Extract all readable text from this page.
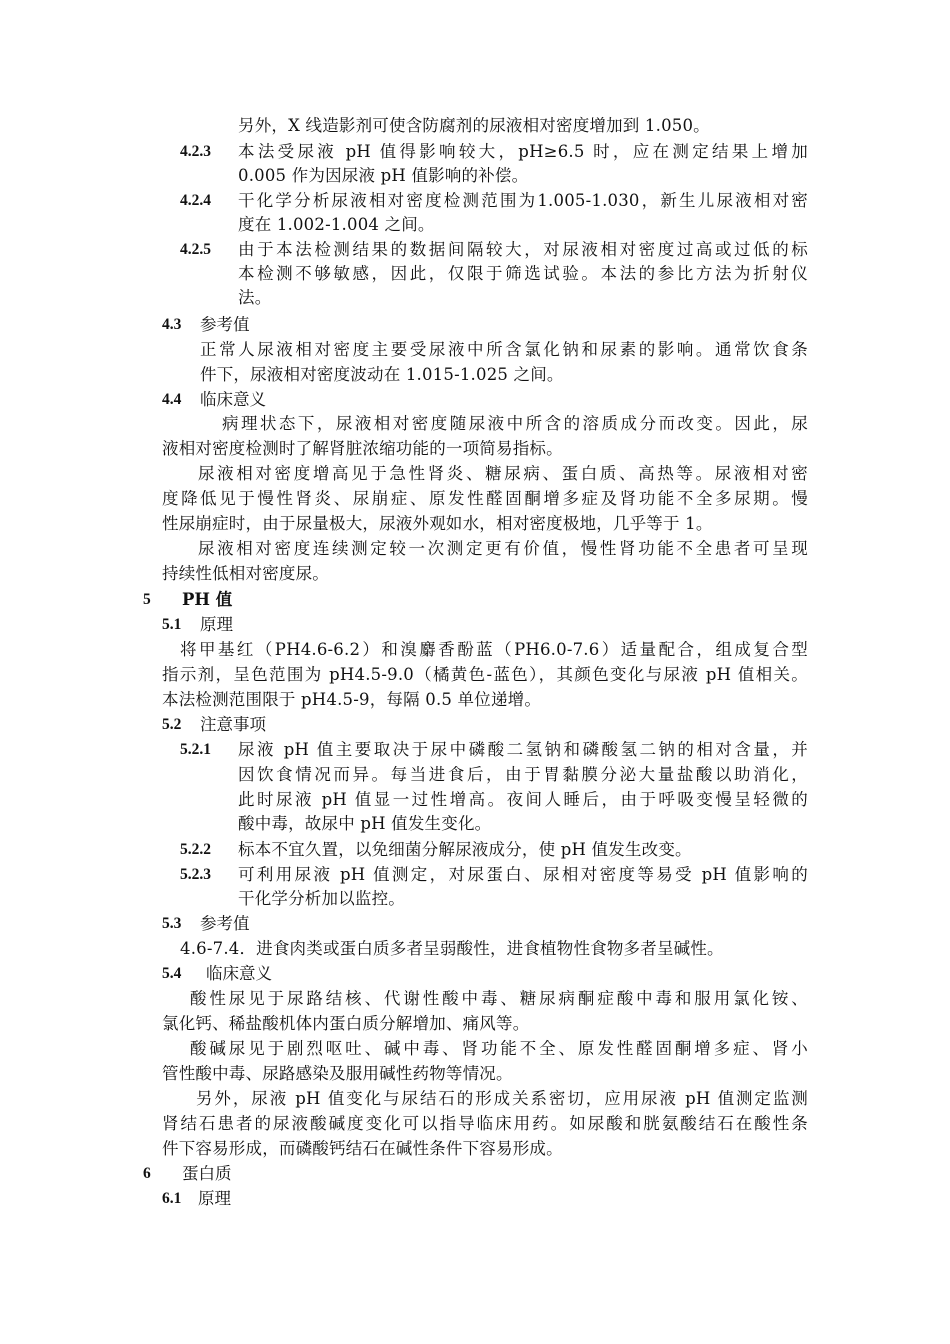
另外，X 线造影剂可使含防腐剂的尿液相对密度增加到 1.050。
4.2.3 本法受尿液 pH 值得影响较大，pH≥6.5 时，应在测定结果上增加
0.005 作为因尿液 pH 值影响的补偿。
4.2.4 干化学分析尿液相对密度检测范围为1.005-1.030，新生儿尿液相对密
度在 1.002-1.004 之间。
4.2.5 由于本法检测结果的数据间隔较大，对尿液相对密度过高或过低的标
本检测不够敏感，因此，仅限于筛选试验。本法的参比方法为折射仪
法。
4.3 参考值
正常人尿液相对密度主要受尿液中所含氯化钠和尿素的影响。通常饮食条
件下，尿液相对密度波动在 1.015-1.025 之间。
4.4 临床意义
病理状态下，尿液相对密度随尿液中所含的溶质成分而改变。因此，尿
液相对密度检测时了解肾脏浓缩功能的一项简易指标。
尿液相对密度增高见于急性肾炎、糖尿病、蛋白质、高热等。尿液相对密
度降低见于慢性肾炎、尿崩症、原发性醛固酮增多症及肾功能不全多尿期。慢
性尿崩症时，由于尿量极大，尿液外观如水，相对密度极地，几乎等于 1。
尿液相对密度连续测定较一次测定更有价值，慢性肾功能不全患者可呈现
持续性低相对密度尿。
5 PH 值
5.1 原理
将甲基红（PH4.6-6.2）和溴麝香酚蓝（PH6.0-7.6）适量配合，组成复合型
指示剂，呈色范围为 pH4.5-9.0（橘黄色-蓝色），其颜色变化与尿液 pH 值相关。
本法检测范围限于 pH4.5-9，每隔 0.5 单位递增。
5.2 注意事项
5.2.1 尿液 pH 值主要取决于尿中磷酸二氢钠和磷酸氢二钠的相对含量，并
因饮食情况而异。每当进食后，由于胃黏膜分泌大量盐酸以助消化，
此时尿液 pH 值显一过性增高。夜间人睡后，由于呼吸变慢呈轻微的
酸中毒，故尿中 pH 值发生变化。
5.2.2 标本不宜久置，以免细菌分解尿液成分，使 pH 值发生改变。
5.2.3 可利用尿液 pH 值测定，对尿蛋白、尿相对密度等易受 pH 值影响的
干化学分析加以监控。
5.3 参考值
4.6-7.4．进食肉类或蛋白质多者呈弱酸性，进食植物性食物多者呈碱性。
5.4 临床意义
酸性尿见于尿路结核、代谢性酸中毒、糖尿病酮症酸中毒和服用氯化铵、
氯化钙、稀盐酸机体内蛋白质分解增加、痛风等。
酸碱尿见于剧烈呕吐、碱中毒、肾功能不全、原发性醛固酮增多症、肾小
管性酸中毒、尿路感染及服用碱性药物等情况。
另外，尿液 pH 值变化与尿结石的形成关系密切，应用尿液 pH 值测定监测
肾结石患者的尿液酸碱度变化可以指导临床用药。如尿酸和胱氨酸结石在酸性条
件下容易形成，而磷酸钙结石在碱性条件下容易形成。
6 蛋白质
6.1 原理
